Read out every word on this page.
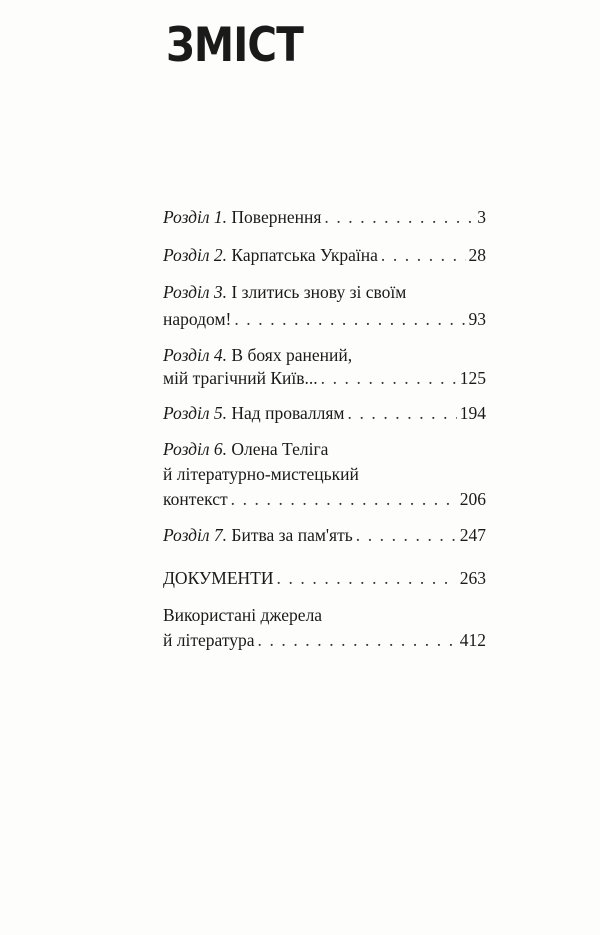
ЗМІСТ
Розділ 1. Повернення . . .	3
Розділ 2. Карпатська Україна . . .	28
Розділ 3. І злитись знову зі своїм
народом! . . .	93
Розділ 4. В боях ранений,
мій трагічний Київ... . . .	125
Розділ 5. Над проваллям . . .	194
Розділ 6. Олена Теліга
й літературно-мистецький
контекст . . .	206
Розділ 7. Битва за пам'ять . . .	247
ДОКУМЕНТИ . . .	263
Використані джерела
й література . . .	412
